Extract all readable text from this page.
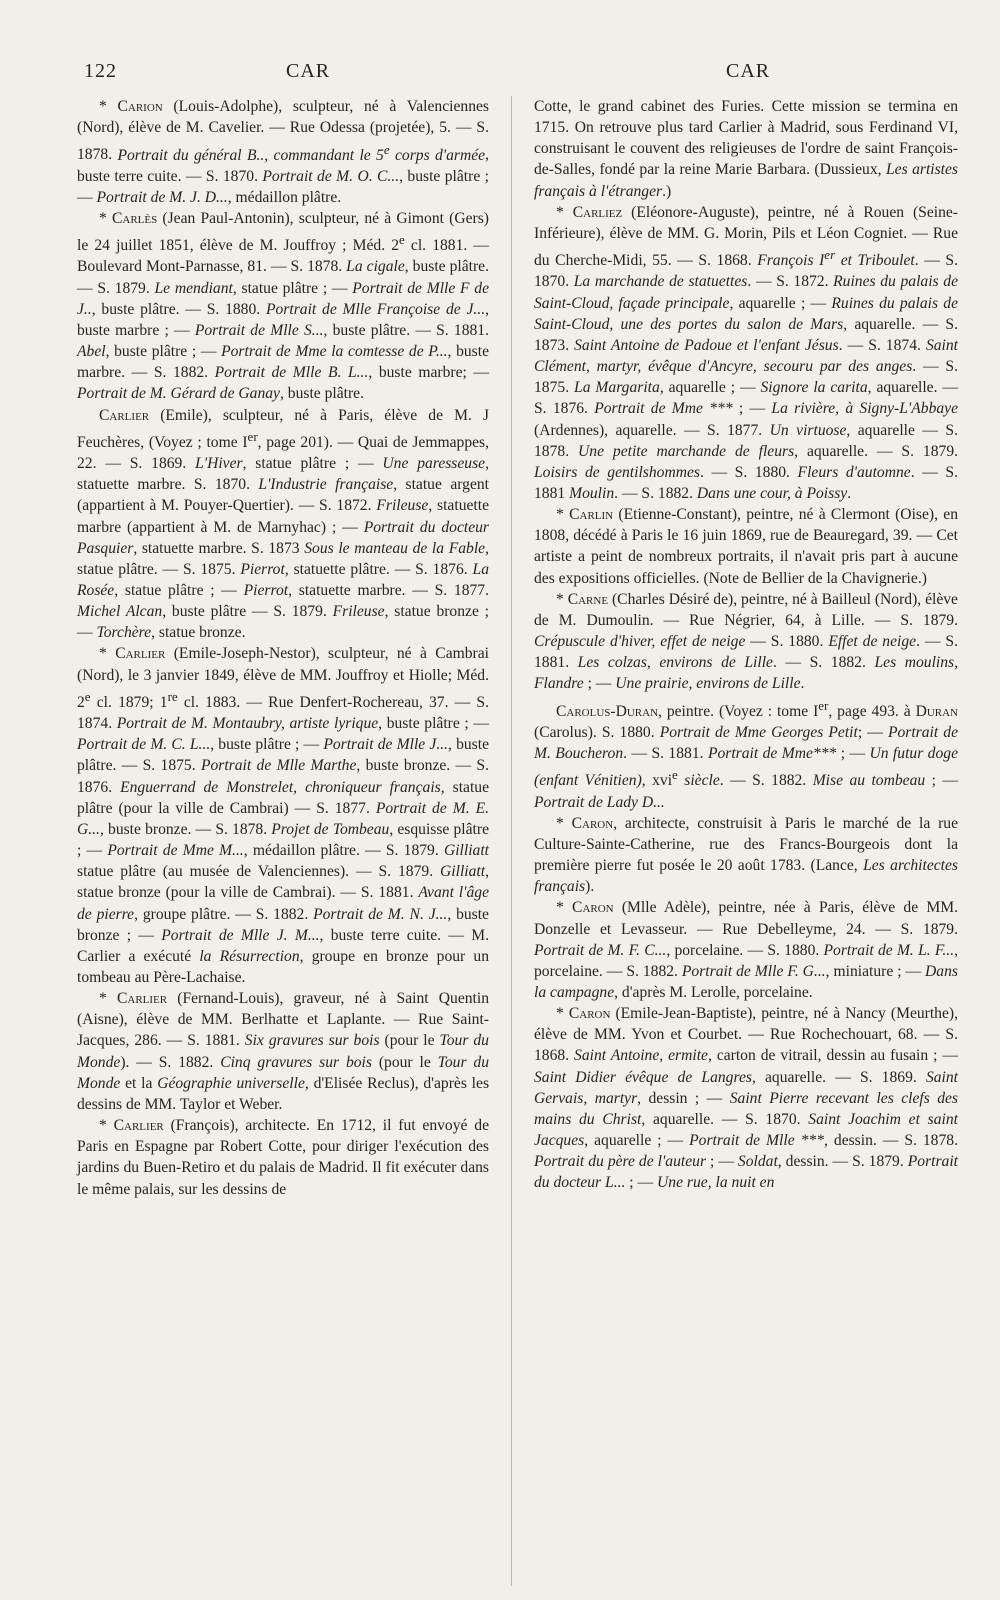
122	CAR	CAR

* Carion (Louis-Adolphe), sculpteur, né à Valenciennes (Nord), élève de M. Cavelier. — Rue Odessa (projetée), 5. — S. 1878. Portrait du général B.., commandant le 5e corps d'armée, buste terre cuite. — S. 1870. Portrait de M. O. C..., buste plâtre ; — Portrait de M. J. D..., médaillon plâtre.

* Carlès (Jean Paul-Antonin), sculpteur, né à Gimont (Gers) le 24 juillet 1851, élève de M. Jouffroy ; Méd. 2e cl. 1881. — Boulevard Mont-Parnasse, 81. — S. 1878. La cigale, buste plâtre. — S. 1879. Le mendiant, statue plâtre ; — Portrait de Mlle F de J.., buste plâtre. — S. 1880. Portrait de Mlle Françoise de J..., buste marbre ; — Portrait de Mlle S..., buste plâtre. — S. 1881. Abel, buste plâtre ; — Portrait de Mme la comtesse de P..., buste marbre. — S. 1882. Portrait de Mlle B. L..., buste marbre; — Portrait de M. Gérard de Ganay, buste plâtre.

Carlier (Emile), sculpteur, né à Paris, élève de M. J Feuchères, (Voyez ; tome Ier, page 201). — Quai de Jemmappes, 22. — S. 1869. L'Hiver, statue plâtre ; — Une paresseuse, statuette marbre. S. 1870. L'Industrie française, statue argent (appartient à M. Pouyer-Quertier). — S. 1872. Frileuse, statuette marbre (appartient à M. de Marnyhac) ; — Portrait du docteur Pasquier, statuette marbre. S. 1873 Sous le manteau de la Fable, statue plâtre. — S. 1875. Pierrot, statuette plâtre. — S. 1876. La Rosée, statue plâtre ; — Pierrot, statuette marbre. — S. 1877. Michel Alcan, buste plâtre — S. 1879. Frileuse, statue bronze ; — Torchère, statue bronze.

* Carlier (Emile-Joseph-Nestor), sculpteur, né à Cambrai (Nord), le 3 janvier 1849, élève de MM. Jouffroy et Hiolle; Méd. 2e cl. 1879; 1re cl. 1883. — Rue Denfert-Rochereau, 37. — S. 1874. Portrait de M. Montaubry, artiste lyrique, buste plâtre ; — Portrait de M. C. L..., buste plâtre ; — Portrait de Mlle J..., buste plâtre. — S. 1875. Portrait de Mlle Marthe, buste bronze. — S. 1876. Enguerrand de Monstrelet, chroniqueur français, statue plâtre (pour la ville de Cambrai) — S. 1877. Portrait de M. E. G..., buste bronze. — S. 1878. Projet de Tombeau, esquisse plâtre ; — Portrait de Mme M..., médaillon plâtre. — S. 1879. Gilliatt statue plâtre (au musée de Valenciennes). — S. 1879. Gilliatt, statue bronze (pour la ville de Cambrai). — S. 1881. Avant l'âge de pierre, groupe plâtre. — S. 1882. Portrait de M. N. J..., buste bronze ; — Portrait de Mlle J. M..., buste terre cuite. — M. Carlier a exécuté la Résurrection, groupe en bronze pour un tombeau au Père-Lachaise.

* Carlier (Fernand-Louis), graveur, né à Saint Quentin (Aisne), élève de MM. Berlhatte et Laplante. — Rue Saint-Jacques, 286. — S. 1881. Six gravures sur bois (pour le Tour du Monde). — S. 1882. Cinq gravures sur bois (pour le Tour du Monde et la Géographie universelle, d'Elisée Reclus), d'après les dessins de MM. Taylor et Weber.

* Carlier (François), architecte. En 1712, il fut envoyé de Paris en Espagne par Robert Cotte, pour diriger l'exécution des jardins du Buen-Retiro et du palais de Madrid. Il fit exécuter dans le même palais, sur les dessins de

Cotte, le grand cabinet des Furies. Cette mission se termina en 1715. On retrouve plus tard Carlier à Madrid, sous Ferdinand VI, construisant le couvent des religieuses de l'ordre de saint François-de-Salles, fondé par la reine Marie Barbara. (Dussieux, Les artistes français à l'étranger.)

* Carliez (Eléonore-Auguste), peintre, né à Rouen (Seine-Inférieure), élève de MM. G. Morin, Pils et Léon Cogniet. — Rue du Cherche-Midi, 55. — S. 1868. François Ier et Triboulet. — S. 1870. La marchande de statuettes. — S. 1872. Ruines du palais de Saint-Cloud, façade principale, aquarelle ; — Ruines du palais de Saint-Cloud, une des portes du salon de Mars, aquarelle. — S. 1873. Saint Antoine de Padoue et l'enfant Jésus. — S. 1874. Saint Clément, martyr, évêque d'Ancyre, secouru par des anges. — S. 1875. La Margarita, aquarelle ; — Signore la carita, aquarelle. — S. 1876. Portrait de Mme *** ; — La rivière, à Signy-L'Abbaye (Ardennes), aquarelle. — S. 1877. Un virtuose, aquarelle — S. 1878. Une petite marchande de fleurs, aquarelle. — S. 1879. Loisirs de gentilshommes. — S. 1880. Fleurs d'automne. — S. 1881 Moulin. — S. 1882. Dans une cour, à Poissy.

* Carlin (Etienne-Constant), peintre, né à Clermont (Oise), en 1808, décédé à Paris le 16 juin 1869, rue de Beauregard, 39. — Cet artiste a peint de nombreux portraits, il n'avait pris part à aucune des expositions officielles. (Note de Bellier de la Chavignerie.)

* Carne (Charles Désiré de), peintre, né à Bailleul (Nord), élève de M. Dumoulin. — Rue Négrier, 64, à Lille. — S. 1879. Crépuscule d'hiver, effet de neige — S. 1880. Effet de neige. — S. 1881. Les colzas, environs de Lille. — S. 1882. Les moulins, Flandre ; — Une prairie, environs de Lille.

Carolus-Duran, peintre. (Voyez : tome Ier, page 493. à Duran (Carolus). S. 1880. Portrait de Mme Georges Petit; — Portrait de M. Boucheron. — S. 1881. Portrait de Mme*** ; — Un futur doge (enfant Vénitien), xvi$^e$ siècle. — S. 1882. Mise au tombeau ; — Portrait de Lady D...

* Caron, architecte, construisit à Paris le marché de la rue Culture-Sainte-Catherine, rue des Francs-Bourgeois dont la première pierre fut posée le 20 août 1783. (Lance, Les architectes français).

* Caron (Mlle Adèle), peintre, née à Paris, élève de MM. Donzelle et Levasseur. — Rue Debelleyme, 24. — S. 1879. Portrait de M. F. C..., porcelaine. — S. 1880. Portrait de M. L. F..., porcelaine. — S. 1882. Portrait de Mlle F. G..., miniature ; — Dans la campagne, d'après M. Lerolle, porcelaine.

* Caron (Emile-Jean-Baptiste), peintre, né à Nancy (Meurthe), élève de MM. Yvon et Courbet. — Rue Rochechouart, 68. — S. 1868. Saint Antoine, ermite, carton de vitrail, dessin au fusain ; — Saint Didier évêque de Langres, aquarelle. — S. 1869. Saint Gervais, martyr, dessin ; — Saint Pierre recevant les clefs des mains du Christ, aquarelle. — S. 1870. Saint Joachim et saint Jacques, aquarelle ; — Portrait de Mlle ***, dessin. — S. 1878. Portrait du père de l'auteur ; — Soldat, dessin. — S. 1879. Portrait du docteur L... ; — Une rue, la nuit en
